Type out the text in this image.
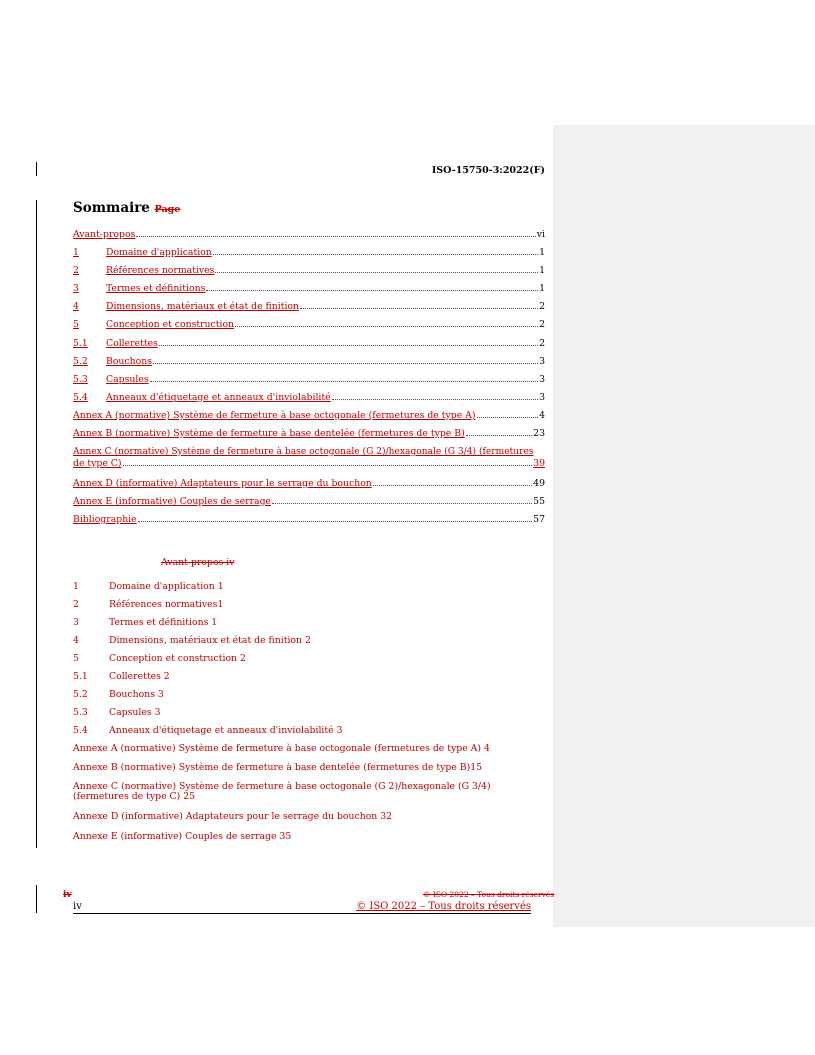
ISO-15750-3:2022(F)
Sommaire Page
Avant-propos	vi
1	Domaine d'application	1
2	Références normatives	1
3	Termes et définitions	1
4	Dimensions, matériaux et état de finition	2
5	Conception et construction	2
5.1	Collerettes	2
5.2	Bouchons	3
5.3	Capsules	3
5.4	Anneaux d'étiquetage et anneaux d'inviolabilité	3
Annex A (normative) Système de fermeture à base octogonale (fermetures de type A)	4
Annex B (normative) Système de fermeture à base dentelée (fermetures de type B)	23
Annex C (normative) Système de fermeture à base octogonale (G 2)/hexagonale (G 3/4) (fermetures
de type C)	39
Annex D (informative) Adaptateurs pour le serrage du bouchon	49
Annex E (informative) Couples de serrage	55
Bibliographie	57
Avant-propos iv
1	Domaine d'application 1
2	Références normatives1
3	Termes et définitions 1
4	Dimensions, matériaux et état de finition 2
5	Conception et construction 2
5.1 Collerettes 2
5.2 Bouchons 3
5.3 Capsules 3
5.4 Anneaux d'étiquetage et anneaux d'inviolabilité 3
Annexe A (normative) Système de fermeture à base octogonale (fermetures de type A) 4
Annexe B (normative) Système de fermeture à base dentelée (fermetures de type B)15
Annexe C (normative) Système de fermeture à base octogonale (G 2)/hexagonale (G 3/4)
(fermetures de type C) 25
Annexe D (informative) Adaptateurs pour le serrage du bouchon 32
Annexe E (informative) Couples de serrage 35
iv	© ISO 2022 – Tous droits réservés
iv	© ISO 2022 – Tous droits réservés
